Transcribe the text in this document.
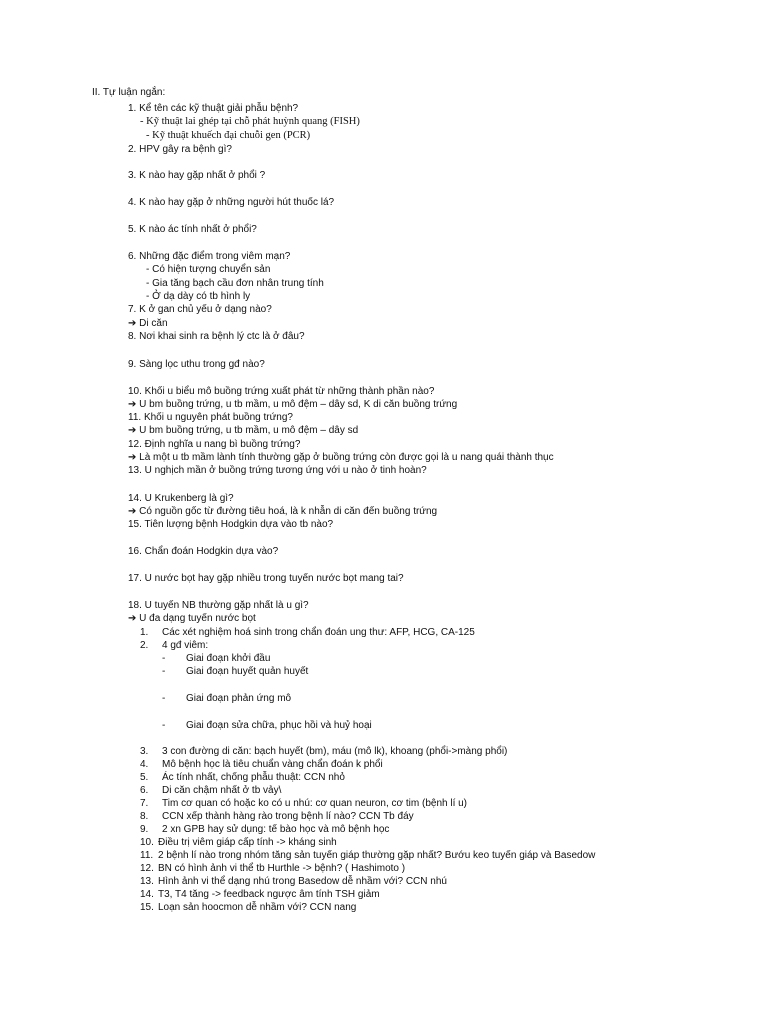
II. Tự luận ngắn:
1. Kể tên các kỹ thuật giải phẫu bệnh?
- Kỹ thuật lai ghép tại chỗ phát huỳnh quang (FISH)
- Kỹ thuật khuếch đại chuỗi gen (PCR)
2. HPV gây ra bệnh gì?
3. K nào hay gặp nhất ở phổi ?
4. K nào hay gặp ở những người hút thuốc lá?
5. K nào ác tính nhất ở phổi?
6. Những đặc điểm trong viêm mạn?
- Có hiện tượng chuyển sản
- Gia tăng bạch cầu đơn nhân trung tính
- Ở dạ dày có tb hình ly
7. K ở gan chủ yếu ở dạng nào?
➔ Di căn
8. Nơi khai sinh ra bệnh lý ctc là ở đâu?
9. Sàng lọc uthu trong gđ nào?
10. Khối u biểu mô buồng trứng xuất phát từ những thành phần nào?
➔ U bm buồng trứng, u tb mầm, u mô đệm – dây sd, K di căn buồng trứng
11. Khối u nguyên phát buồng trứng?
➔ U bm buồng trứng, u tb mầm, u mô đệm – dây sd
12. Định nghĩa u nang bì buồng trứng?
➔ Là một u tb mầm lành tính thường gặp ở buồng trứng còn được gọi là u nang quái thành thục
13. U nghịch mần ở buồng trứng tương ứng với u nào ở tinh hoàn?
14. U Krukenberg là gì?
➔ Có nguồn gốc từ đường tiêu hoá, là k nhẫn di căn đến buồng trứng
15. Tiên lượng bệnh Hodgkin dựa vào tb nào?
16. Chẩn đoán Hodgkin dựa vào?
17. U nước bọt hay gặp nhiều trong tuyến nước bọt mang tai?
18. U tuyến NB thường gặp nhất là u gì?
➔ U đa dạng tuyến nước bọt
1. Các xét nghiệm hoá sinh trong chẩn đoán ung thư: AFP, HCG, CA-125
2. 4 gđ viêm:
- Giai đoạn khởi đầu
- Giai đoạn huyết quản huyết
- Giai đoạn phản ứng mô
- Giai đoạn sửa chữa, phục hồi và huỷ hoại
3. 3 con đường di căn: bạch huyết (bm), máu (mô lk), khoang (phổi->màng phổi)
4. Mô bệnh học là tiêu chuẩn vàng chẩn đoán k phổi
5. Ác tính nhất, chống phẫu thuật: CCN nhỏ
6. Di căn chậm nhất ở tb vảy\
7. Tim cơ quan có hoặc ko có u nhú: cơ quan neuron, cơ tim (bệnh lí u)
8. CCN xếp thành hàng rào trong bệnh lí nào? CCN Tb đáy
9. 2 xn GPB hay sử dụng: tế bào học và mô bệnh học
10. Điều trị viêm giáp cấp tính -> kháng sinh
11. 2 bệnh lí nào trong nhóm tăng sản tuyến giáp thường gặp nhất? Bướu keo tuyến giáp và Basedow
12. BN có hình ảnh vi thể tb Hurthle -> bệnh? ( Hashimoto )
13. Hình ảnh vi thể dạng nhú trong Basedow dễ nhầm với? CCN nhú
14. T3, T4 tăng -> feedback ngược âm tính TSH giảm
15. Loạn sản hoocmon dễ nhầm với? CCN nang
